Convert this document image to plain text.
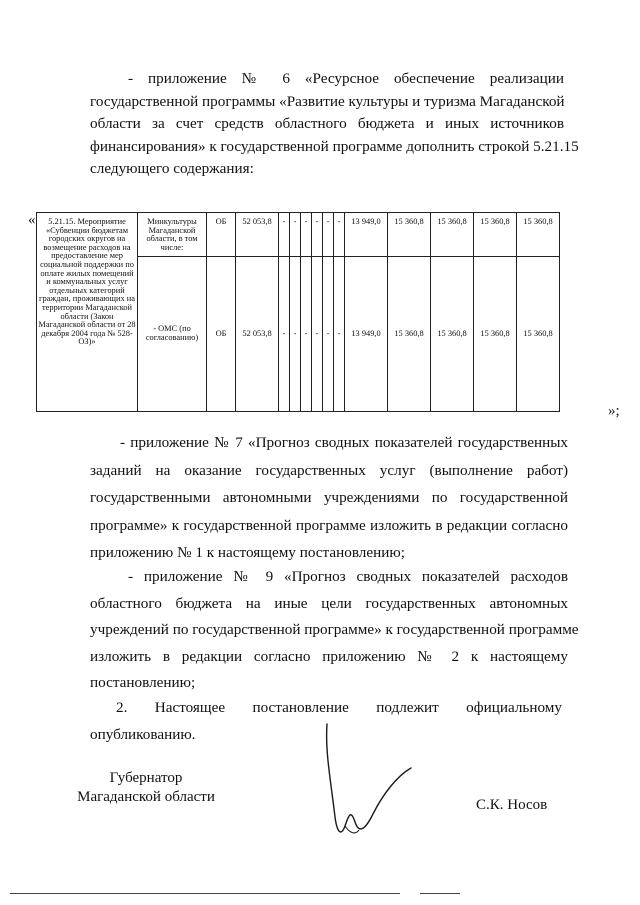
- приложение № 6 «Ресурсное обеспечение реализации
государственной программы «Развитие культуры и туризма Магаданской
области за счет средств областного бюджета и иных источников
финансирования» к государственной программе дополнить строкой 5.21.15
следующего содержания:
« 5.21.15. Мероприятие «Субвенции бюджетам городских округов на возмещение расходов на предоставление мер социальной поддержки по оплате жилых помещений и коммунальных услуг отдельных категорий граждан, проживающих на территории Магаданской области (Закон Магаданской области от 28 декабря 2004 года № 528-ОЗ)»	Минкультуры Магаданской области, в том числе:	ОБ	52 053,8	-	-	-	-	-	-	13 949,0	15 360,8	15 360,8	15 360,8	15 360,8
	- ОМС (по согласованию)	ОБ	52 053,8	-	-	-	-	-	-	13 949,0	15 360,8	15 360,8	15 360,8	15 360,8
»;
- приложение № 7 «Прогноз сводных показателей государственных
заданий на оказание государственных услуг (выполнение работ)
государственными автономными учреждениями по государственной
программе» к государственной программе изложить в редакции согласно
приложению № 1 к настоящему постановлению;
- приложение № 9 «Прогноз сводных показателей расходов
областного бюджета на иные цели государственных автономных
учреждений по государственной программе» к государственной программе
изложить в редакции согласно приложению № 2 к настоящему
постановлению;
2. Настоящее постановление подлежит официальному
опубликованию.
Губернатор
Магаданской области	С.К. Носов
